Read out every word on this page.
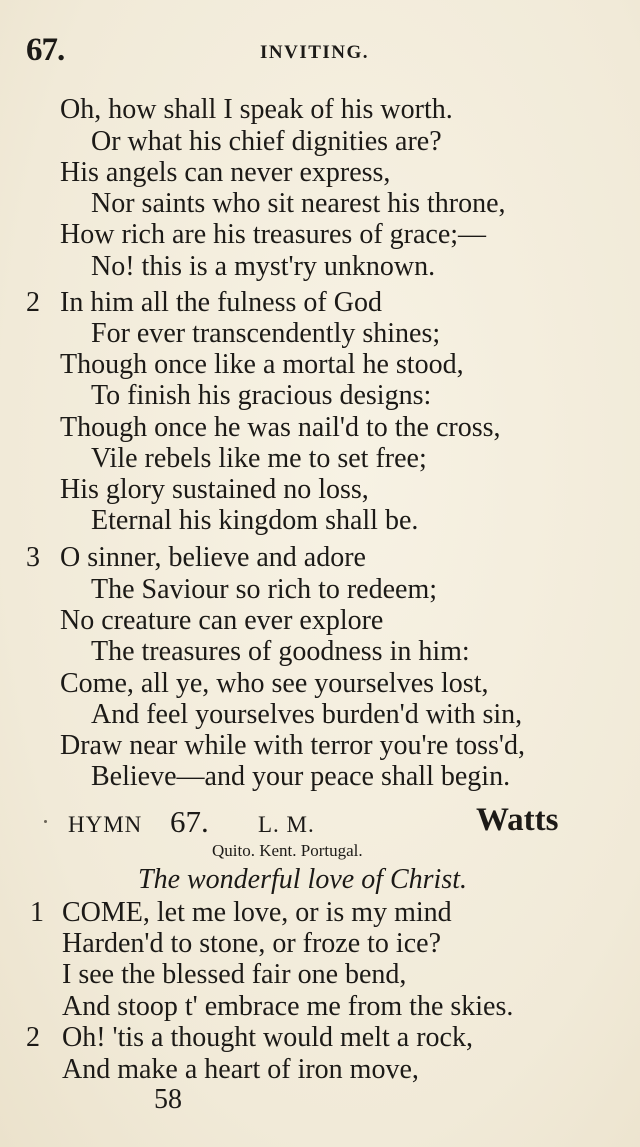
67.	INVITING.
Oh, how shall I speak of his worth.
Or what his chief dignities are?
His angels can never express,
Nor saints who sit nearest his throne,
How rich are his treasures of grace;—
No! this is a myst'ry unknown.
2 In him all the fulness of God
For ever transcendently shines;
Though once like a mortal he stood,
To finish his gracious designs:
Though once he was nail'd to the cross,
Vile rebels like me to set free;
His glory sustained no loss,
Eternal his kingdom shall be.
3 O sinner, believe and adore
The Saviour so rich to redeem;
No creature can ever explore
The treasures of goodness in him:
Come, all ye, who see yourselves lost,
And feel yourselves burden'd with sin,
Draw near while with terror you're toss'd,
Believe—and your peace shall begin.
HYMN 67. L. M.	Watts
Quito. Kent. Portugal.
The wonderful love of Christ.
1 COME, let me love, or is my mind
Harden'd to stone, or froze to ice?
I see the blessed fair one bend,
And stoop t' embrace me from the skies.
2 Oh! 'tis a thought would melt a rock,
And make a heart of iron move,
58
